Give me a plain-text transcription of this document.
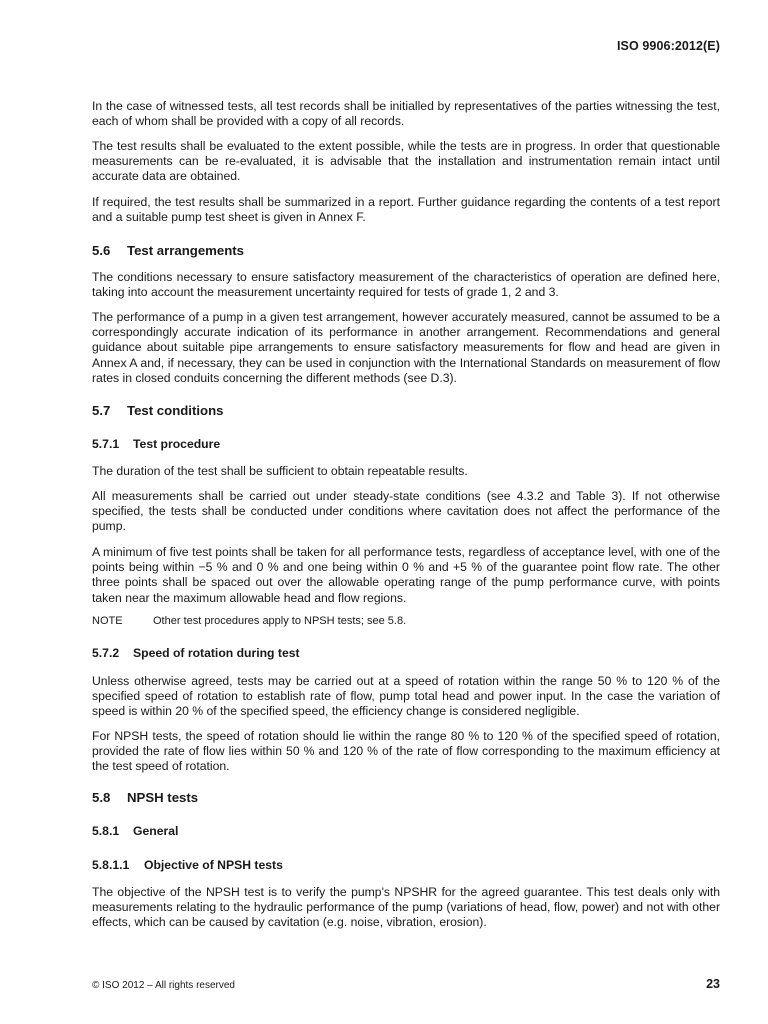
ISO 9906:2012(E)

In the case of witnessed tests, all test records shall be initialled by representatives of the parties witnessing the test, each of whom shall be provided with a copy of all records.

The test results shall be evaluated to the extent possible, while the tests are in progress. In order that questionable measurements can be re-evaluated, it is advisable that the installation and instrumentation remain intact until accurate data are obtained.

If required, the test results shall be summarized in a report. Further guidance regarding the contents of a test report and a suitable pump test sheet is given in Annex F.

5.6 Test arrangements

The conditions necessary to ensure satisfactory measurement of the characteristics of operation are defined here, taking into account the measurement uncertainty required for tests of grade 1, 2 and 3.

The performance of a pump in a given test arrangement, however accurately measured, cannot be assumed to be a correspondingly accurate indication of its performance in another arrangement. Recommendations and general guidance about suitable pipe arrangements to ensure satisfactory measurements for flow and head are given in Annex A and, if necessary, they can be used in conjunction with the International Standards on measurement of flow rates in closed conduits concerning the different methods (see D.3).

5.7 Test conditions
5.7.1 Test procedure

The duration of the test shall be sufficient to obtain repeatable results.

All measurements shall be carried out under steady-state conditions (see 4.3.2 and Table 3). If not otherwise specified, the tests shall be conducted under conditions where cavitation does not affect the performance of the pump.

A minimum of five test points shall be taken for all performance tests, regardless of acceptance level, with one of the points being within −5 % and 0 % and one being within 0 % and +5 % of the guarantee point flow rate. The other three points shall be spaced out over the allowable operating range of the pump performance curve, with points taken near the maximum allowable head and flow regions.

NOTE	Other test procedures apply to NPSH tests; see 5.8.
5.7.2 Speed of rotation during test

Unless otherwise agreed, tests may be carried out at a speed of rotation within the range 50 % to 120 % of the specified speed of rotation to establish rate of flow, pump total head and power input. In the case the variation of speed is within 20 % of the specified speed, the efficiency change is considered negligible.

For NPSH tests, the speed of rotation should lie within the range 80 % to 120 % of the specified speed of rotation, provided the rate of flow lies within 50 % and 120 % of the rate of flow corresponding to the maximum efficiency at the test speed of rotation.

5.8 NPSH tests
5.8.1 General
5.8.1.1 Objective of NPSH tests

The objective of the NPSH test is to verify the pump's NPSHR for the agreed guarantee. This test deals only with measurements relating to the hydraulic performance of the pump (variations of head, flow, power) and not with other effects, which can be caused by cavitation (e.g. noise, vibration, erosion).

© ISO 2012 – All rights reserved	23
